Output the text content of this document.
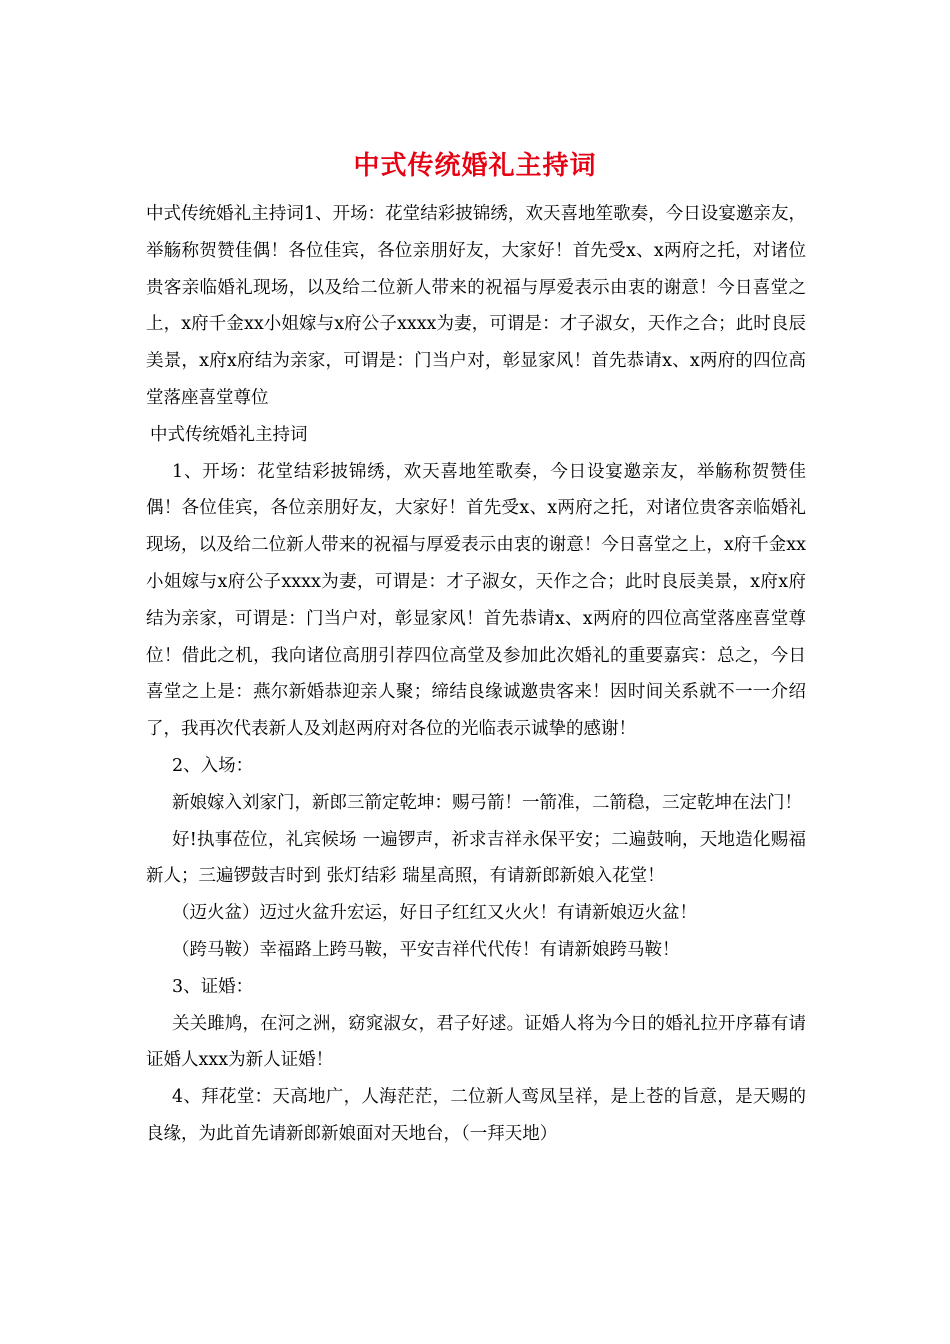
中式传统婚礼主持词

中式传统婚礼主持词1、开场：花堂结彩披锦绣，欢天喜地笙歌奏，今日设宴邀亲友，举觞称贺赞佳偶！各位佳宾，各位亲朋好友，大家好！首先受x、x两府之托，对诸位贵客亲临婚礼现场，以及给二位新人带来的祝福与厚爱表示由衷的谢意！今日喜堂之上，x府千金xx小姐嫁与x府公子xxxx为妻，可谓是：才子淑女，天作之合；此时良辰美景，x府x府结为亲家，可谓是：门当户对，彰显家风！首先恭请x、x两府的四位高堂落座喜堂尊位

中式传统婚礼主持词

1、开场：花堂结彩披锦绣，欢天喜地笙歌奏，今日设宴邀亲友，举觞称贺赞佳偶！各位佳宾，各位亲朋好友，大家好！首先受x、x两府之托，对诸位贵客亲临婚礼现场，以及给二位新人带来的祝福与厚爱表示由衷的谢意！今日喜堂之上，x府千金xx小姐嫁与x府公子xxxx为妻，可谓是：才子淑女，天作之合；此时良辰美景，x府x府结为亲家，可谓是：门当户对，彰显家风！首先恭请x、x两府的四位高堂落座喜堂尊位！借此之机，我向诸位高朋引荐四位高堂及参加此次婚礼的重要嘉宾：总之，今日喜堂之上是：燕尔新婚恭迎亲人聚；缔结良缘诚邀贵客来！因时间关系就不一一介绍了，我再次代表新人及刘赵两府对各位的光临表示诚挚的感谢！

2、入场：

新娘嫁入刘家门，新郎三箭定乾坤：赐弓箭！一箭准，二箭稳，三定乾坤在法门！

好!执事莅位，礼宾候场 一遍锣声，祈求吉祥永保平安；二遍鼓响，天地造化赐福新人；三遍锣鼓吉时到 张灯结彩 瑞星高照，有请新郎新娘入花堂！

（迈火盆）迈过火盆升宏运，好日子红红又火火！有请新娘迈火盆！

（跨马鞍）幸福路上跨马鞍，平安吉祥代代传！有请新娘跨马鞍！

3、证婚：

关关雎鸠，在河之洲，窈窕淑女，君子好逑。证婚人将为今日的婚礼拉开序幕有请证婚人xxx为新人证婚！

4、拜花堂：天高地广，人海茫茫，二位新人鸾凤呈祥，是上苍的旨意，是天赐的良缘，为此首先请新郎新娘面对天地台，（一拜天地）
